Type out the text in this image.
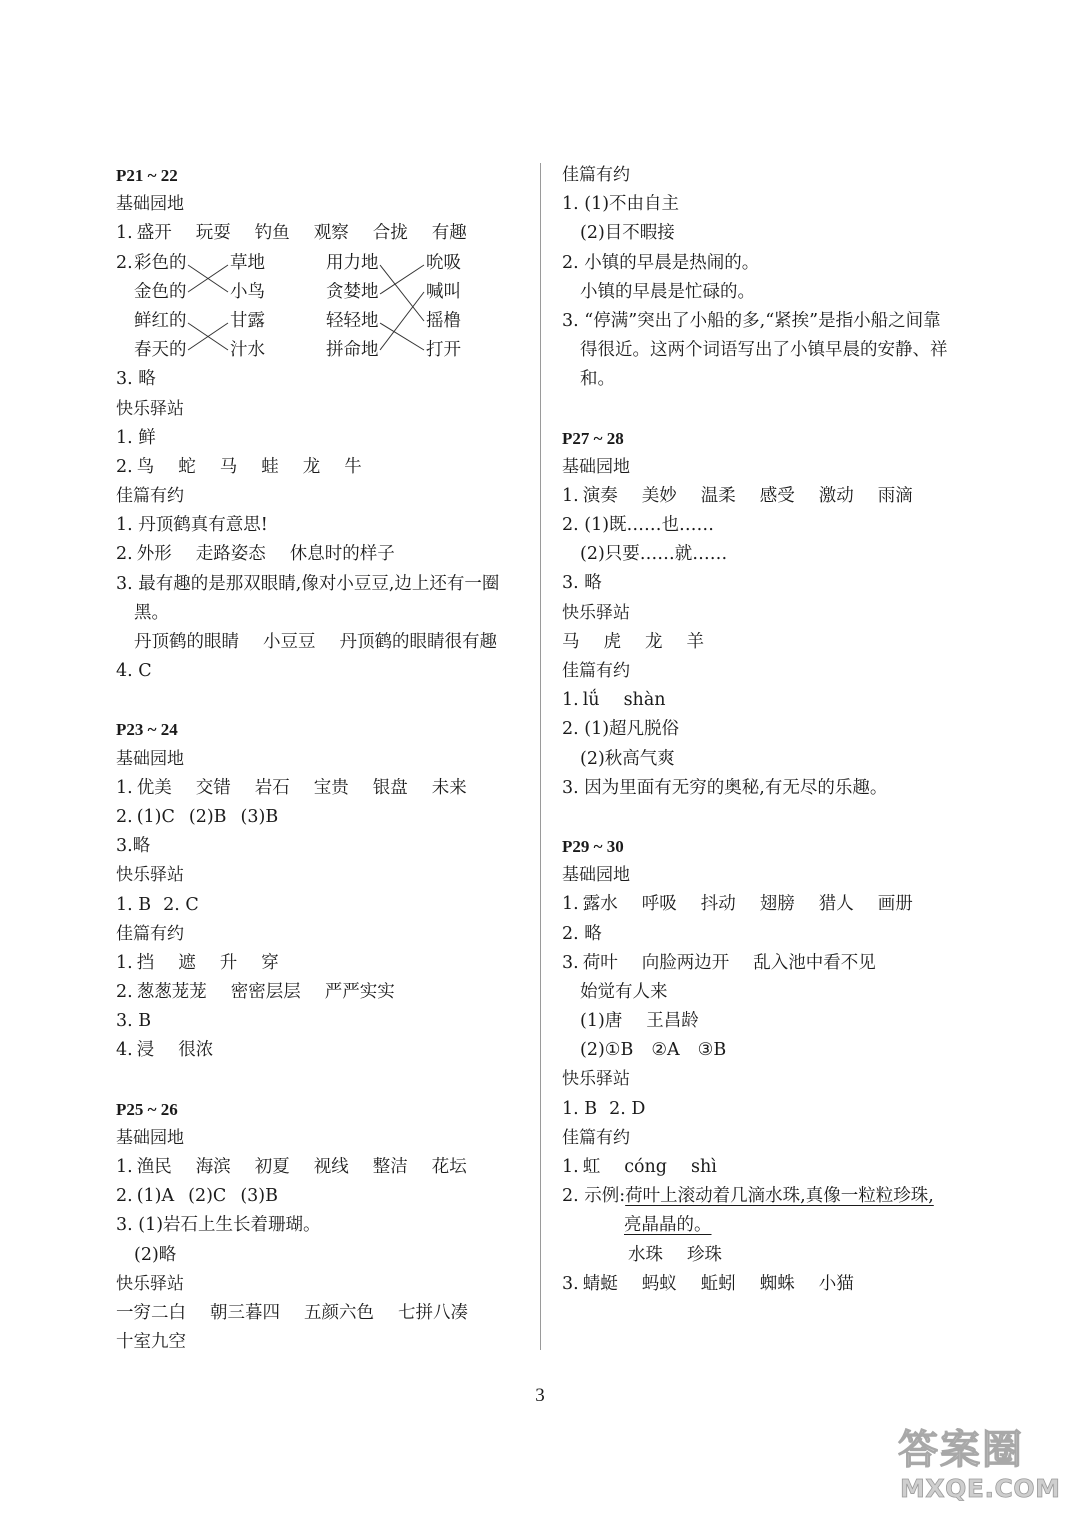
P21 ~ 22
基础园地
1. 盛开 玩耍 钓鱼 观察 合拢 有趣
2. 彩色的
金色的
鲜红的
春天的
草地
小鸟
甘露
汁水
用力地
贪婪地
轻轻地
拼命地
吮吸
喊叫
摇橹
打开
3. 略
快乐驿站
1. 鲜
2. 鸟 蛇 马 蛙 龙 牛
佳篇有约
1. 丹顶鹤真有意思!
2. 外形 走路姿态 休息时的样子
3. 最有趣的是那双眼睛,像对小豆豆,边上还有一圈
黑。
丹顶鹤的眼睛 小豆豆 丹顶鹤的眼睛很有趣
4. C
P23 ~ 24
基础园地
1. 优美 交错 岩石 宝贵 银盘 未来
2. (1)C (2)B (3)B
3.略
快乐驿站
1. B 2. C
佳篇有约
1. 挡 遮 升 穿
2. 葱葱茏茏 密密层层 严严实实
3. B
4. 浸 很浓
P25 ~ 26
基础园地
1. 渔民 海滨 初夏 视线 整洁 花坛
2. (1)A (2)C (3)B
3. (1)岩石上生长着珊瑚。
(2)略
快乐驿站
一穷二白 朝三暮四 五颜六色 七拼八凑
十室九空
佳篇有约
1. (1)不由自主
(2)目不暇接
2. 小镇的早晨是热闹的。
小镇的早晨是忙碌的。
3. “停满”突出了小船的多,“紧挨”是指小船之间靠
得很近。这两个词语写出了小镇早晨的安静、祥
和。
P27 ~ 28
基础园地
1. 演奏 美妙 温柔 感受 激动 雨滴
2. (1)既……也……
(2)只要……就……
3. 略
快乐驿站
马 虎 龙 羊
佳篇有约
1. lǘ shàn
2. (1)超凡脱俗
(2)秋高气爽
3. 因为里面有无穷的奥秘,有无尽的乐趣。
P29 ~ 30
基础园地
1. 露水 呼吸 抖动 翅膀 猎人 画册
2. 略
3. 荷叶 向脸两边开 乱入池中看不见
始觉有人来
(1)唐 王昌龄
(2)①B ②A ③B
快乐驿站
1. B 2. D
佳篇有约
1. 虹 cóng shì
2. 示例:荷叶上滚动着几滴水珠,真像一粒粒珍珠,
亮晶晶的。
水珠 珍珠
3. 蜻蜓 蚂蚁 蚯蚓 蜘蛛 小猫
3
答案圈
MXQE.COM
